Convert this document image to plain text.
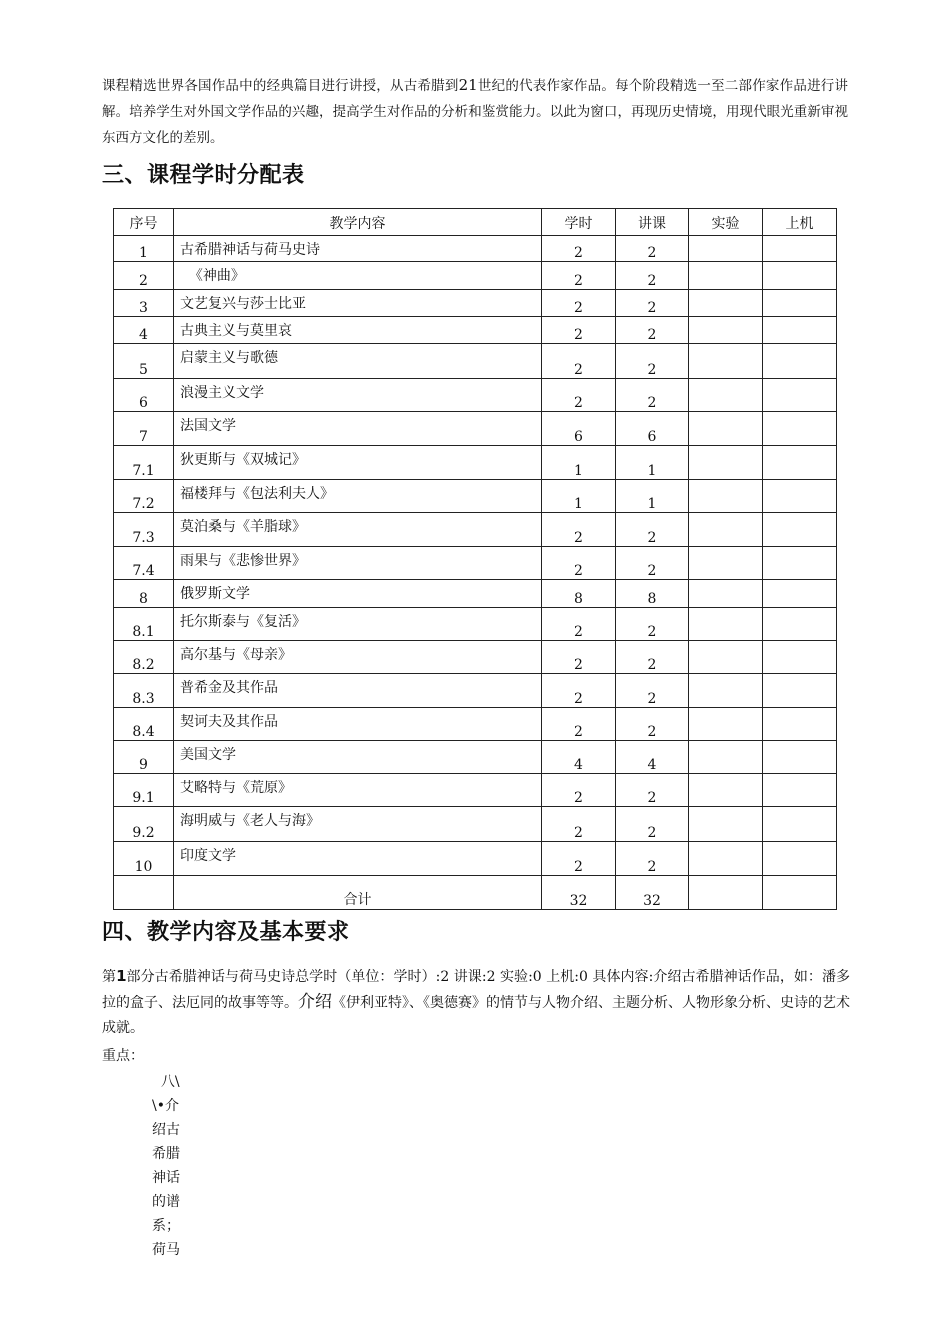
课程精选世界各国作品中的经典篇目进行讲授，从古希腊到21世纪的代表作家作品。每个阶段精选一至二部作家作品进行讲解。培养学生对外国文学作品的兴趣，提高学生对作品的分析和鉴赏能力。以此为窗口，再现历史情境，用现代眼光重新审视东西方文化的差别。
三、课程学时分配表
序号	教学内容	学时	讲课	实验	上机
1	古希腊神话与荷马史诗	2	2		
2	《神曲》	2	2		
3	文艺复兴与莎士比亚	2	2		
4	古典主义与莫里哀	2	2		
5	启蒙主义与歌德	2	2		
6	浪漫主义文学	2	2		
7	法国文学	6	6		
7.1	狄更斯与《双城记》	1	1		
7.2	福楼拜与《包法利夫人》	1	1		
7.3	莫泊桑与《羊脂球》	2	2		
7.4	雨果与《悲惨世界》	2	2		
8	俄罗斯文学	8	8		
8.1	托尔斯泰与《复活》	2	2		
8.2	高尔基与《母亲》	2	2		
8.3	普希金及其作品	2	2		
8.4	契诃夫及其作品	2	2		
9	美国文学	4	4		
9.1	艾略特与《荒原》	2	2		
9.2	海明威与《老人与海》	2	2		
10	印度文学	2	2		
	合计	32	32		
四、教学内容及基本要求
第1部分古希腊神话与荷马史诗总学时（单位：学时）:2 讲课:2 实验:0 上机:0 具体内容:介绍古希腊神话作品，如：潘多拉的盒子、法厄同的故事等等。介绍《伊利亚特》、《奥德赛》的情节与人物介绍、主题分析、人物形象分析、史诗的艺术成就。
重点：
八\
\•介
绍古
希腊
神话
的谱
系；
荷马
